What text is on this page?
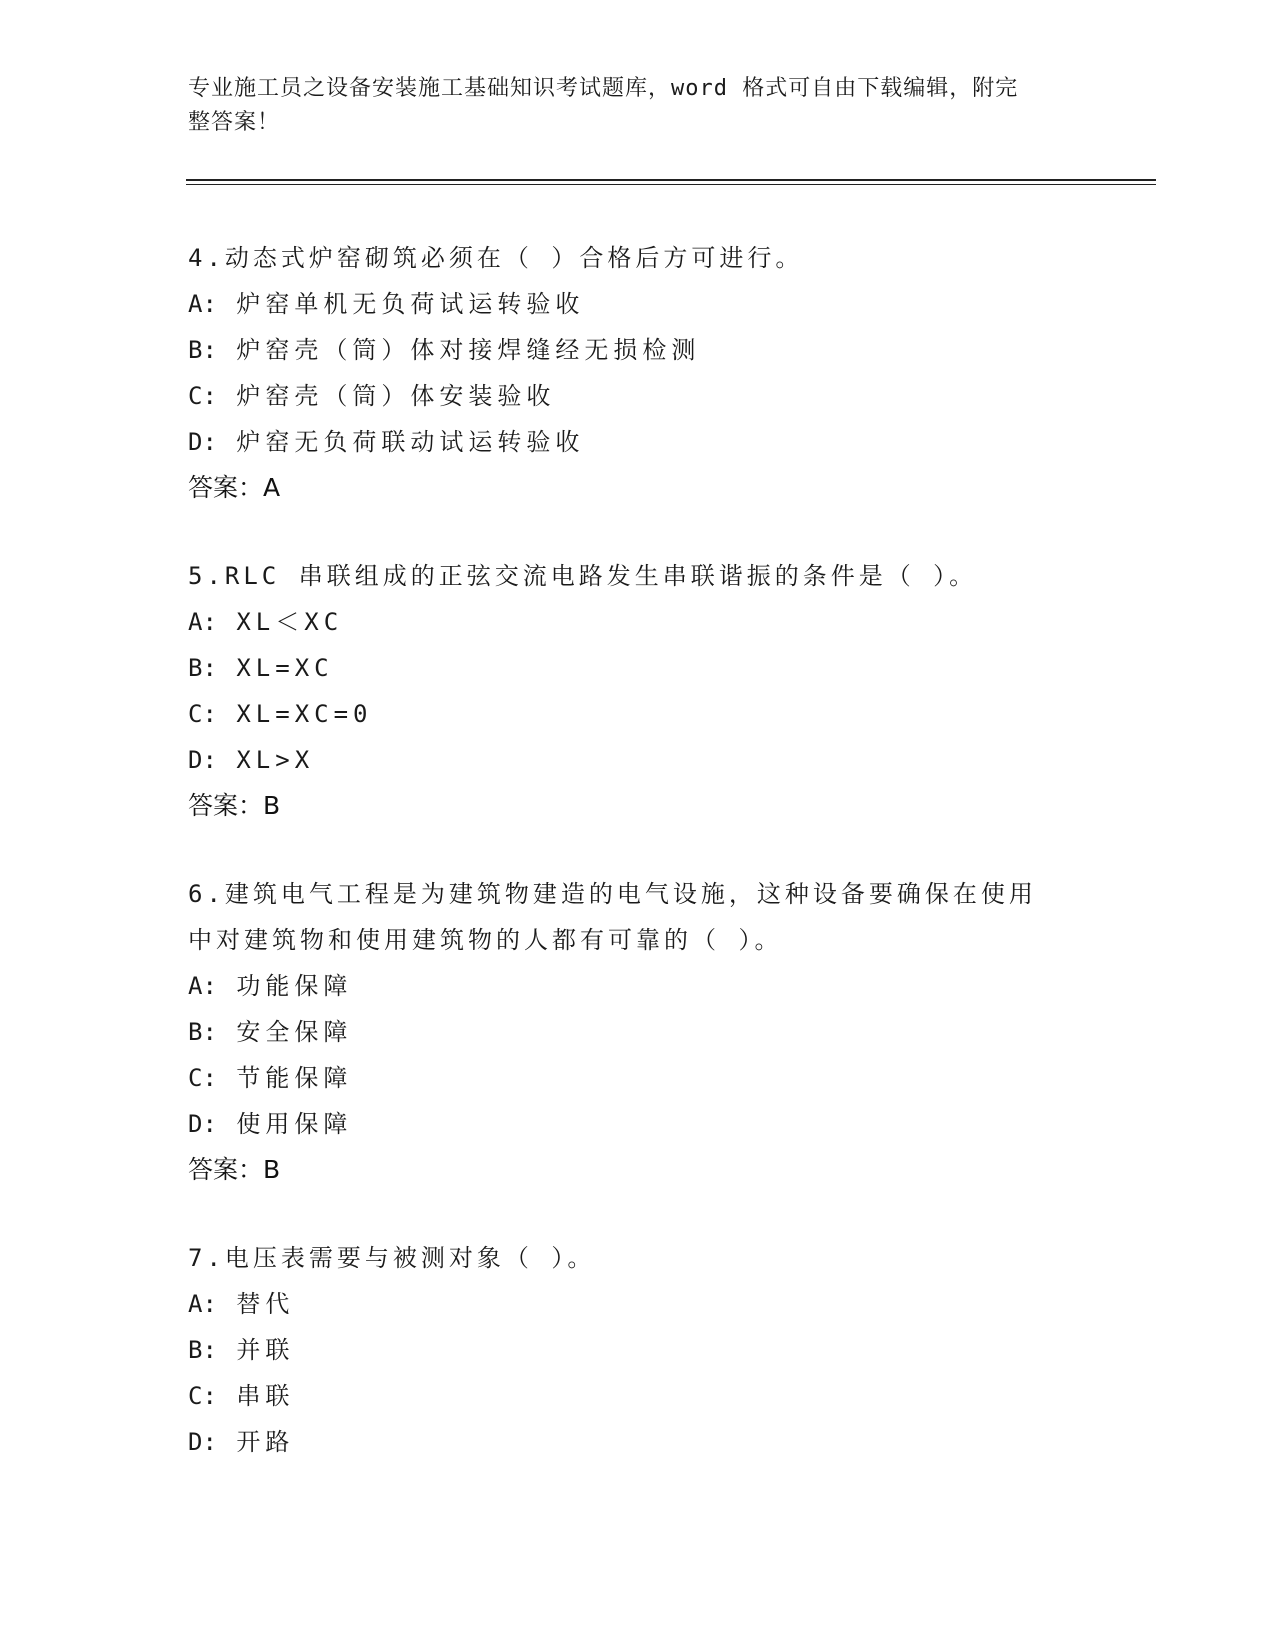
专业施工员之设备安装施工基础知识考试题库，word 格式可自由下载编辑，附完
整答案！
4.动态式炉窑砌筑必须在（ ）合格后方可进行。
A: 炉窑单机无负荷试运转验收
B: 炉窑壳（筒）体对接焊缝经无损检测
C: 炉窑壳（筒）体安装验收
D: 炉窑无负荷联动试运转验收
答案：A
5.RLC 串联组成的正弦交流电路发生串联谐振的条件是（ ）。
A: XL＜XC
B: XL=XC
C: XL=XC=0
D: XL>X
答案：B
6.建筑电气工程是为建筑物建造的电气设施，这种设备要确保在使用
中对建筑物和使用建筑物的人都有可靠的（ ）。
A: 功能保障
B: 安全保障
C: 节能保障
D: 使用保障
答案：B
7.电压表需要与被测对象（ ）。
A: 替代
B: 并联
C: 串联
D: 开路
